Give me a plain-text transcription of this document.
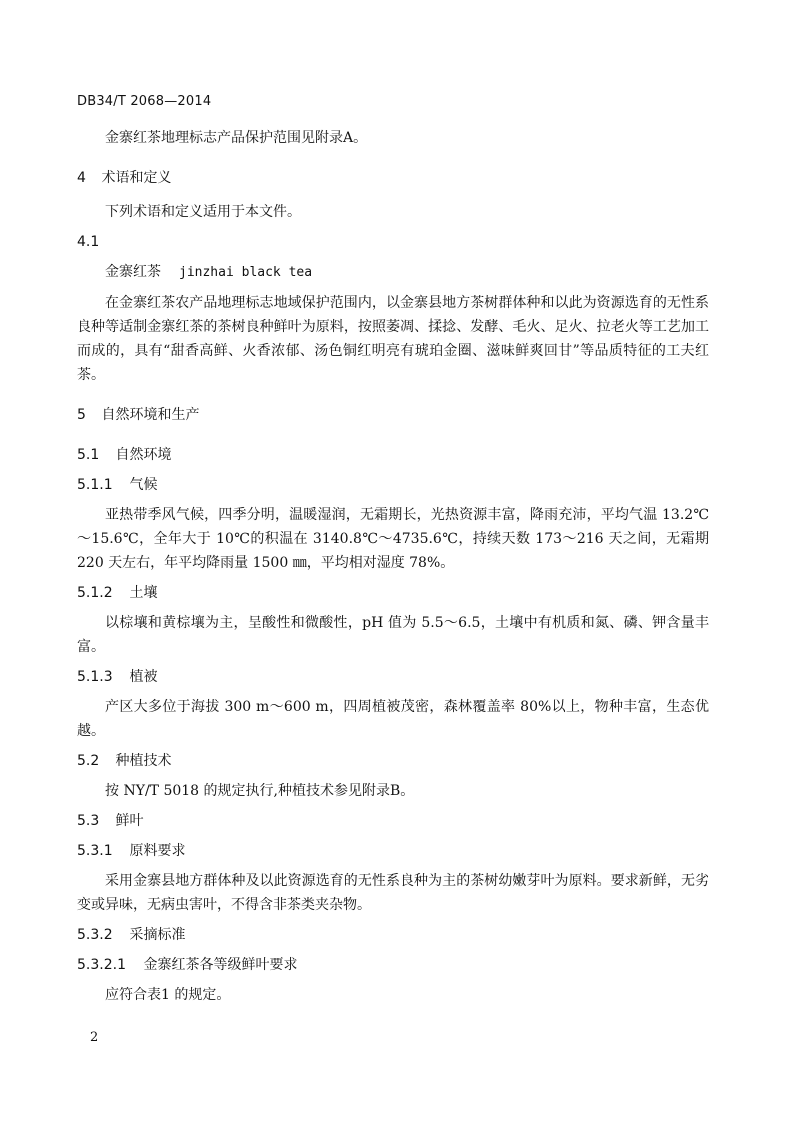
DB34/T 2068—2014

金寨红茶地理标志产品保护范围见附录A。

4 术语和定义

下列术语和定义适用于本文件。

4.1

金寨红茶 jinzhai black tea

在金寨红茶农产品地理标志地域保护范围内，以金寨县地方茶树群体种和以此为资源选育的无性系良种等适制金寨红茶的茶树良种鲜叶为原料，按照萎凋、揉捻、发酵、毛火、足火、拉老火等工艺加工而成的，具有“甜香高鲜、火香浓郁、汤色铜红明亮有琥珀金圈、滋味鲜爽回甘”等品质特征的工夫红茶。

5 自然环境和生产

5.1 自然环境

5.1.1 气候

亚热带季风气候，四季分明，温暖湿润，无霜期长，光热资源丰富，降雨充沛，平均气温 13.2℃～15.6℃，全年大于 10℃的积温在 3140.8℃～4735.6℃，持续天数 173～216 天之间，无霜期 220 天左右，年平均降雨量 1500 ㎜，平均相对湿度 78%。

5.1.2 土壤

以棕壤和黄棕壤为主，呈酸性和微酸性，pH 值为 5.5～6.5，土壤中有机质和氮、磷、钾含量丰富。

5.1.3 植被

产区大多位于海拔 300 m～600 m，四周植被茂密，森林覆盖率 80%以上，物种丰富，生态优越。

5.2 种植技术

按 NY/T 5018 的规定执行,种植技术参见附录B。

5.3 鲜叶

5.3.1 原料要求

采用金寨县地方群体种及以此资源选育的无性系良种为主的茶树幼嫩芽叶为原料。要求新鲜，无劣变或异味，无病虫害叶，不得含非茶类夹杂物。

5.3.2 采摘标准

5.3.2.1 金寨红茶各等级鲜叶要求

应符合表1 的规定。

2
